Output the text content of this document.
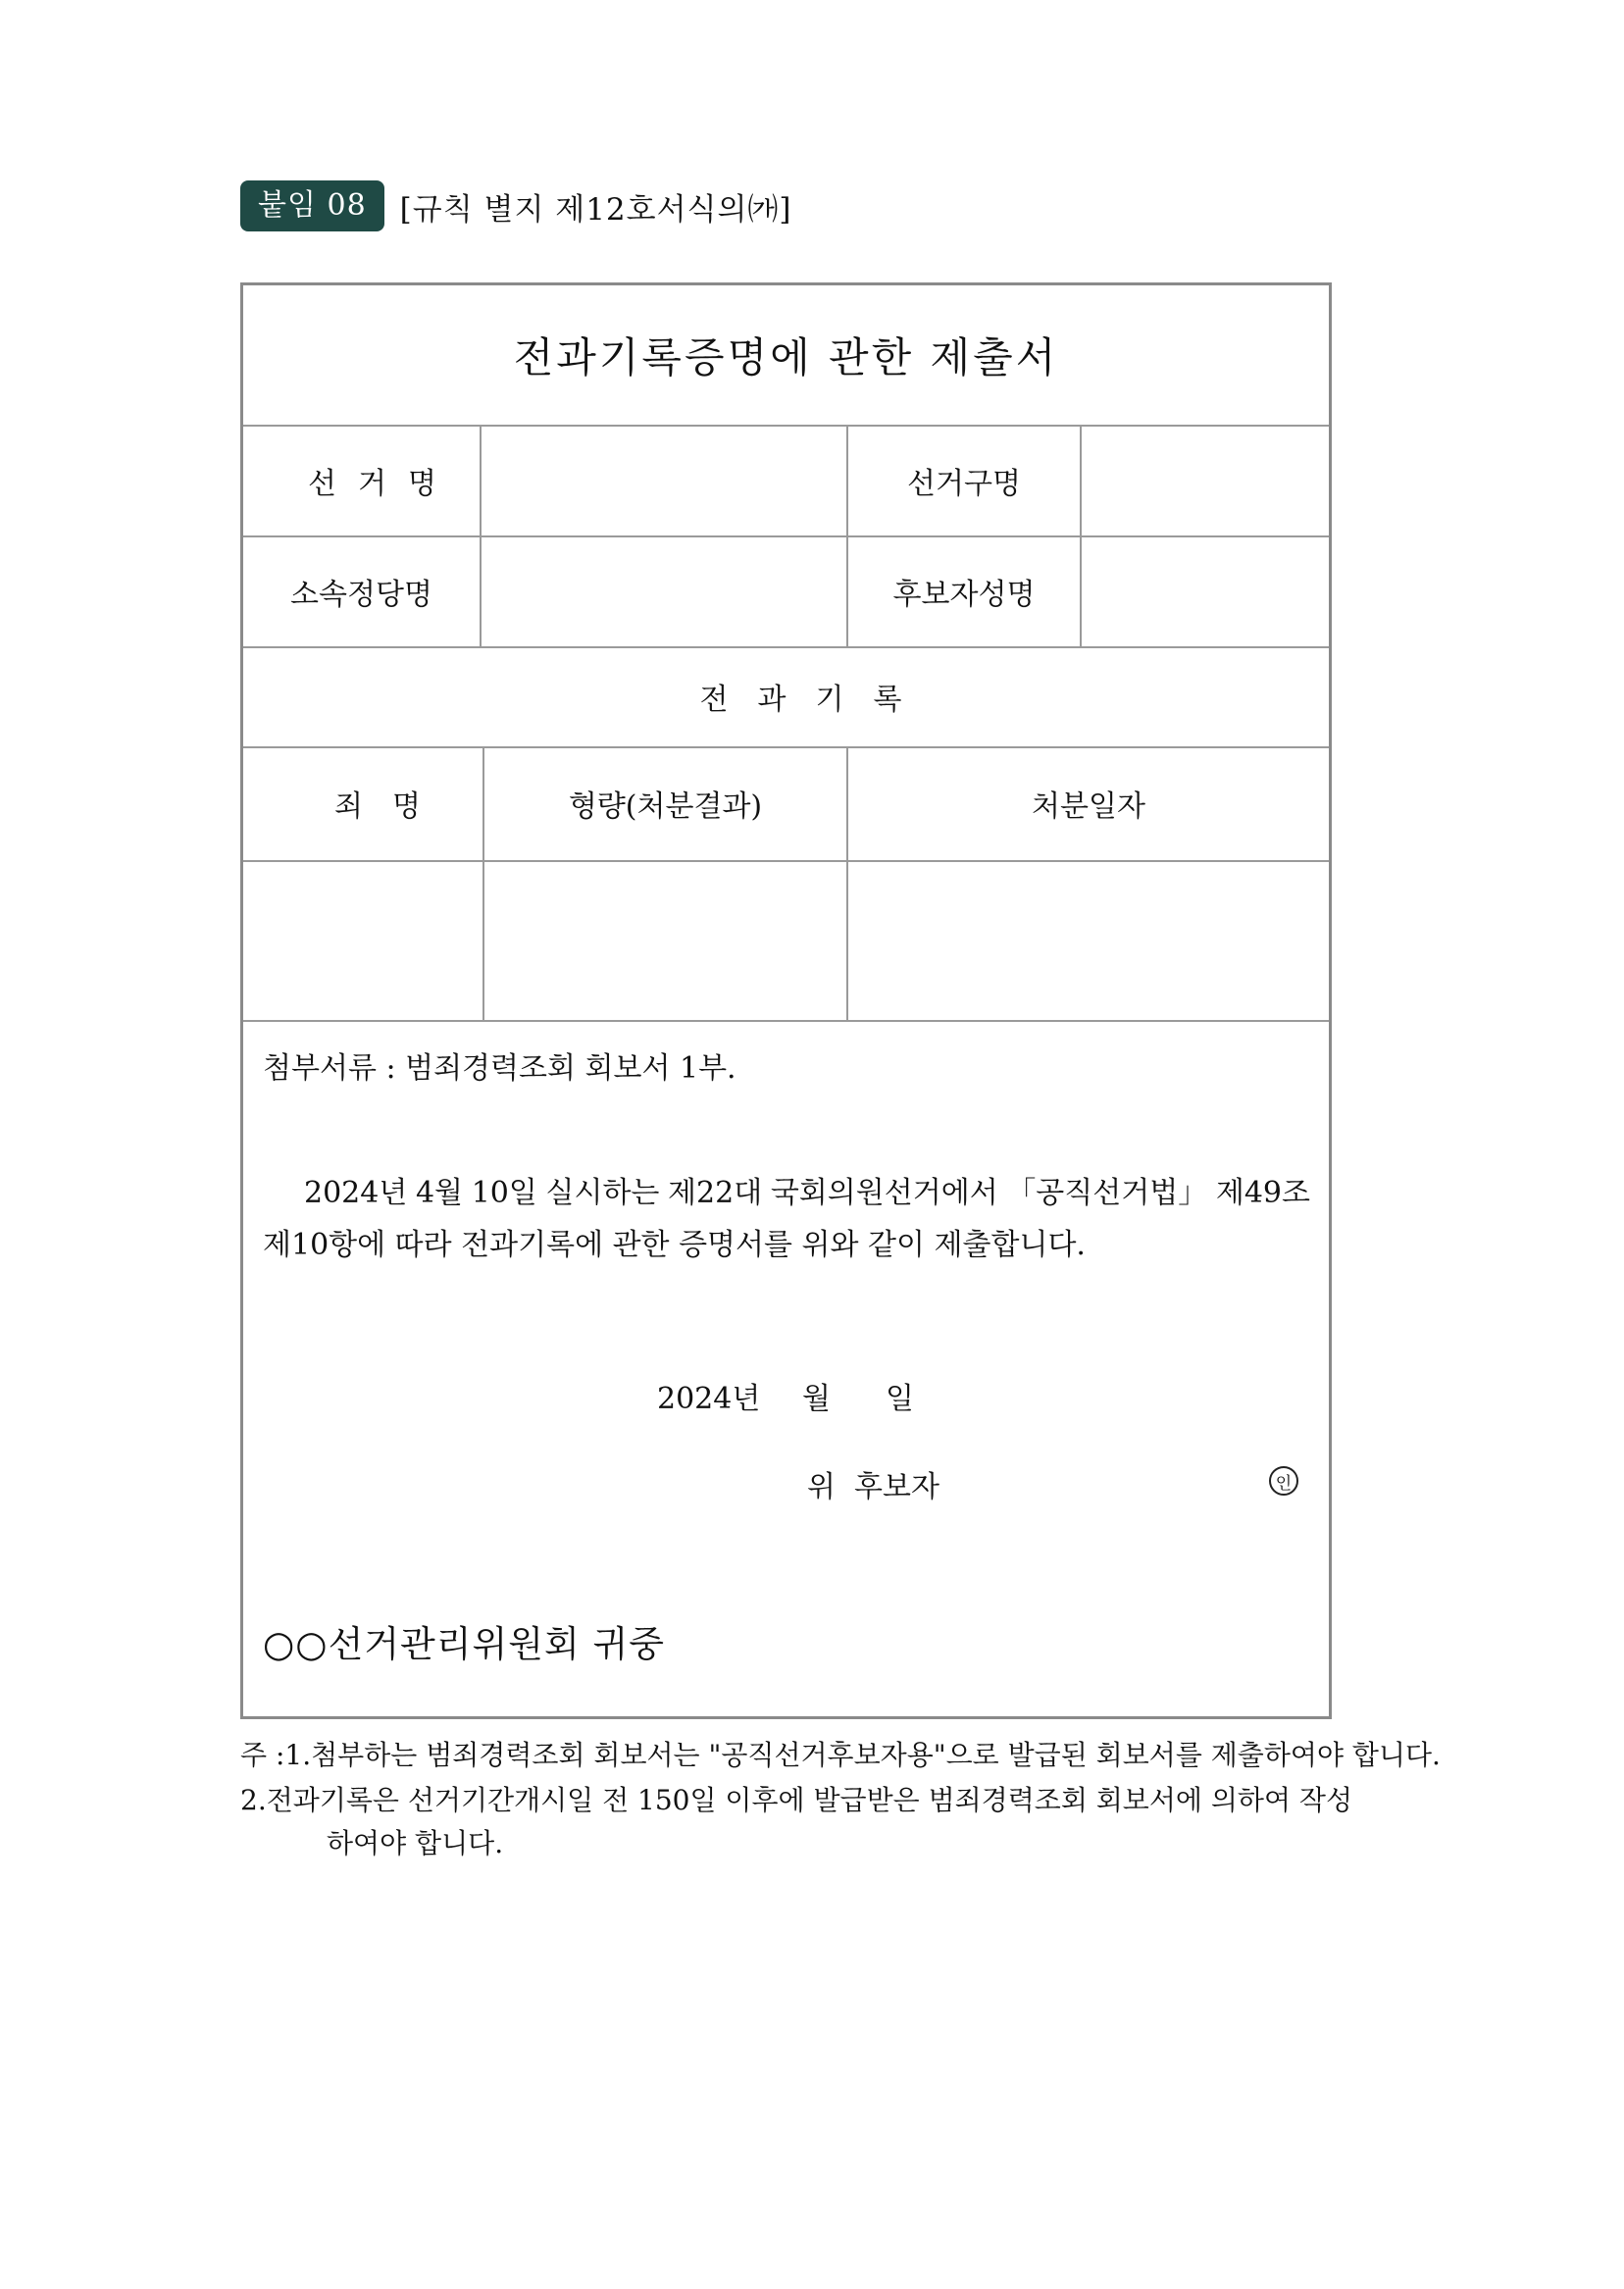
붙임 08	[규칙 별지 제12호서식의㈎]
전과기록증명에 관한 제출서
선거명	선거구명
소속정당명	후보자성명
전과기록
죄명	형량(처분결과)	처분일자
첨부서류 : 범죄경력조회 회보서 1부.
2024년 4월 10일 실시하는 제22대 국회의원선거에서 「공직선거법」 제49조
제10항에 따라 전과기록에 관한 증명서를 위와 같이 제출합니다.
2024년 월 일
위  후보자	인
○○선거관리위원회 귀중
주 : 1. 첨부하는 범죄경력조회 회보서는 "공직선거후보자용"으로 발급된 회보서를 제출하여야 합니다.
2. 전과기록은 선거기간개시일 전 150일 이후에 발급받은 범죄경력조회 회보서에 의하여 작성
하여야 합니다.
